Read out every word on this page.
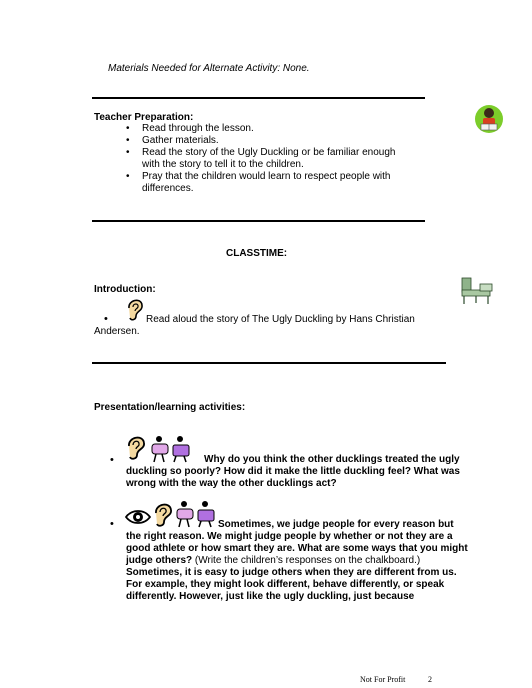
Materials Needed for Alternate Activity: None.
Teacher Preparation:
• Read through the lesson.
• Gather materials.
• Read the story of the Ugly Duckling or be familiar enough with the story to tell it to the children.
• Pray that the children would learn to respect people with differences.
CLASSTIME:
Introduction:
•	Read aloud the story of The Ugly Duckling by Hans Christian
Andersen.
Presentation/learning activities:
•	Why do you think the other ducklings treated the ugly
duckling so poorly? How did it make the little duckling feel? What was wrong with the way the other ducklings act?
•	Sometimes, we judge people for every reason but
the right reason. We might judge people by whether or not they are a good athlete or how smart they are. What are some ways that you might judge others? (Write the children’s responses on the chalkboard.) Sometimes, it is easy to judge others when they are different from us. For example, they might look different, behave differently, or speak differently. However, just like the ugly duckling, just because
Not For Profit	2
